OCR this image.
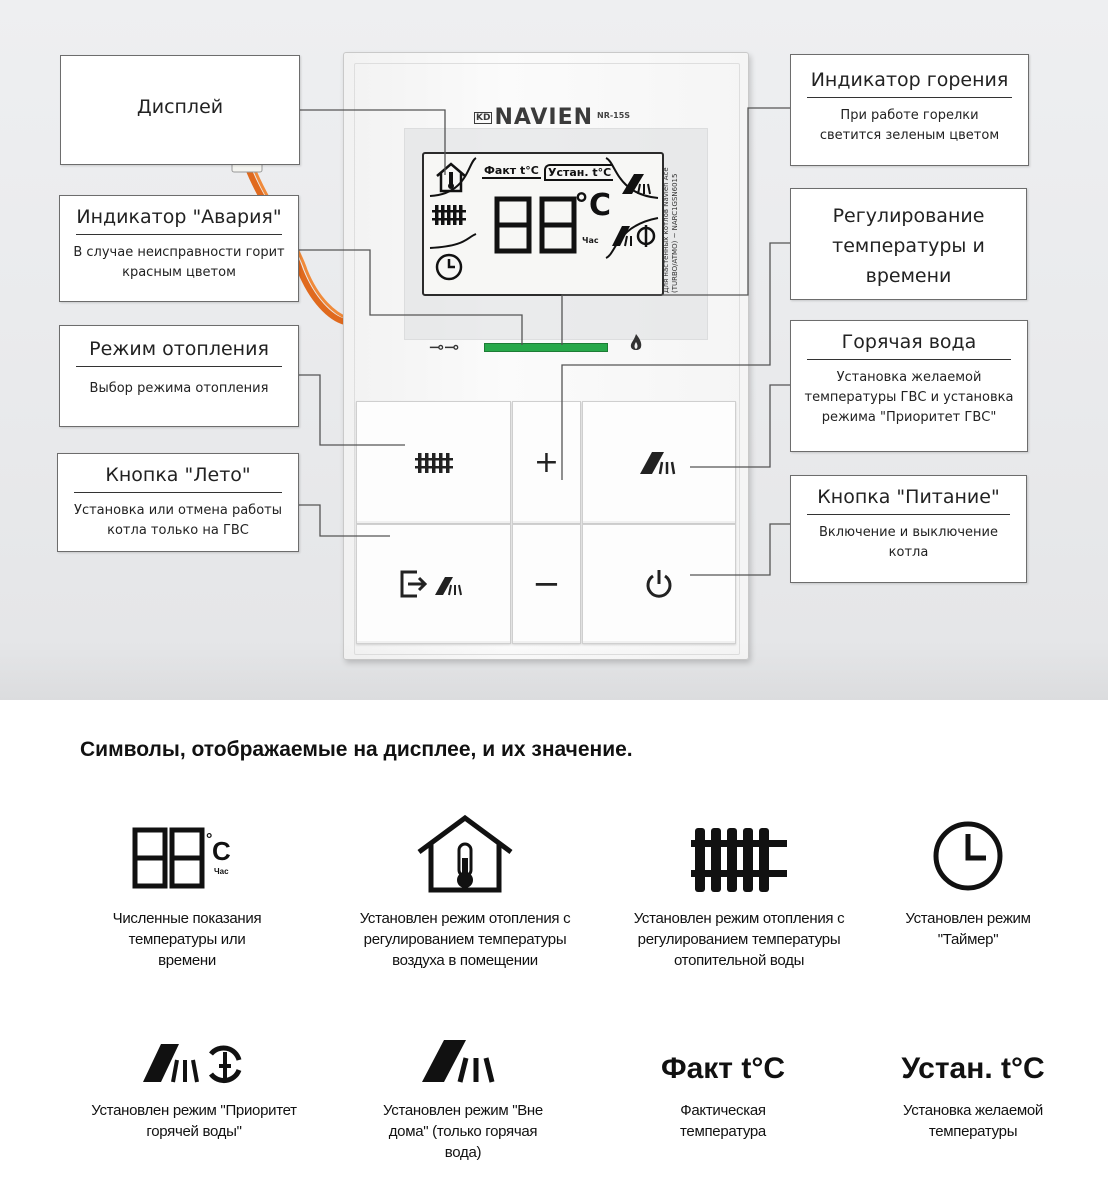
KD NAVIEN NR-15S
Факт t°C Устан. t°C
°C
Час	Для настенных котлов Navien Ace (TURBO/ATMO) ~ NARC1GSN6015
⊸⊸
+
−
Дисплей
Индикатор "Авария"
В случае неисправности горит красным цветом
Режим отопления
Выбор режима отопления
Кнопка "Лето"
Установка или отмена работы котла только на ГВС
Индикатор горения
При работе горелки светится зеленым цветом
Регулирование температуры и времени
Горячая вода
Установка желаемой температуры ГВС и установка режима "Приоритет ГВС"
Кнопка "Питание"
Включение и выключение котла
Символы, отображаемые на дисплее, и их значение.
° C
Час
Численные показания температуры или времени
Установлен режим отопления с регулированием температуры воздуха в помещении
Установлен режим отопления с регулированием температуры отопительной воды
Установлен режим "Таймер"
Установлен режим "Приоритет горячей воды"
Установлен режим "Вне дома" (только горячая вода)
Факт t°C
Фактическая температура
Устан. t°C
Установка желаемой температуры
